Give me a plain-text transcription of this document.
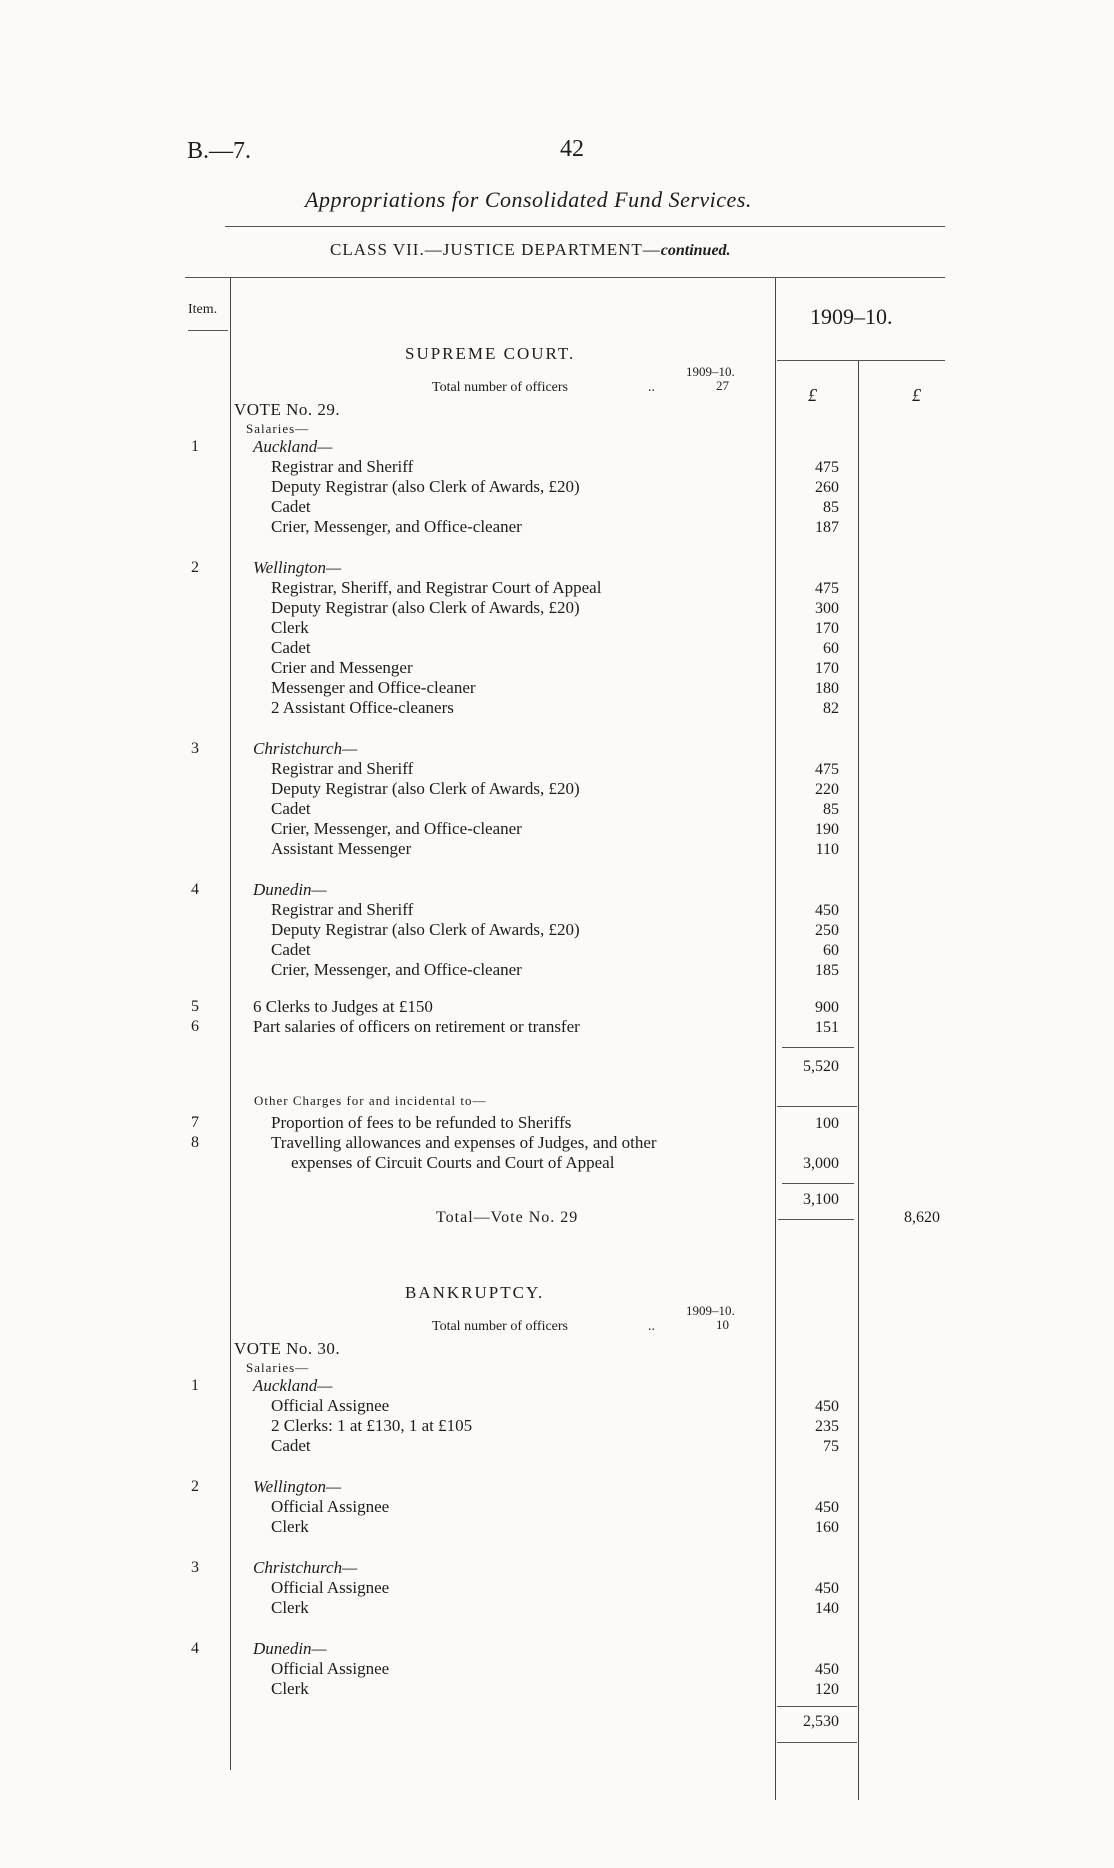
B.—7.	42
Appropriations for Consolidated Fund Services.
CLASS VII.—JUSTICE DEPARTMENT—continued.
Item.	1909–10.
£	£
SUPREME COURT.
1909–10.
Total number of officers	..	27
VOTE No. 29.
Salaries—
1	Auckland—
Registrar and Sheriff	475
Deputy Registrar (also Clerk of Awards, £20)	260
Cadet	85
Crier, Messenger, and Office-cleaner	187
2	Wellington—
Registrar, Sheriff, and Registrar Court of Appeal	475
Deputy Registrar (also Clerk of Awards, £20)	300
Clerk	170
Cadet	60
Crier and Messenger	170
Messenger and Office-cleaner	180
2 Assistant Office-cleaners	82
3	Christchurch—
Registrar and Sheriff	475
Deputy Registrar (also Clerk of Awards, £20)	220
Cadet	85
Crier, Messenger, and Office-cleaner	190
Assistant Messenger	110
4	Dunedin—
Registrar and Sheriff	450
Deputy Registrar (also Clerk of Awards, £20)	250
Cadet	60
Crier, Messenger, and Office-cleaner	185
5	6 Clerks to Judges at £150	900
6	Part salaries of officers on retirement or transfer	151
5,520
Other Charges for and incidental to—
7	Proportion of fees to be refunded to Sheriffs	100
8	Travelling allowances and expenses of Judges, and other
expenses of Circuit Courts and Court of Appeal	3,000
3,100
Total—Vote No. 29	8,620
BANKRUPTCY.
1909–10.
Total number of officers	..	10
VOTE No. 30.
Salaries—
1	Auckland—
Official Assignee	450
2 Clerks: 1 at £130, 1 at £105	235
Cadet	75
2	Wellington—
Official Assignee	450
Clerk	160
3	Christchurch—
Official Assignee	450
Clerk	140
4	Dunedin—
Official Assignee	450
Clerk	120
2,530
